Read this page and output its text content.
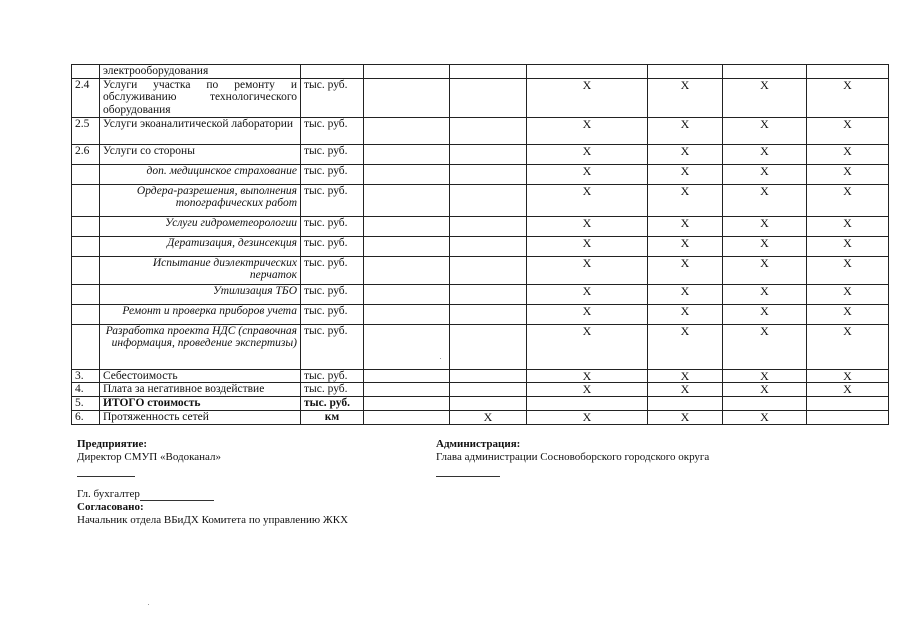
	электрооборудования							
2.4	Услуги участка по ремонту и обслуживанию технологического оборудования	тыс. руб.			X	X	X	X
2.5	Услуги экоаналитической лаборатории	тыс. руб.			X	X	X	X
2.6	Услуги со стороны	тыс. руб.			X	X	X	X
	доп. медицинское страхование	тыс. руб.			X	X	X	X
	Ордера-разрешения, выполнения топографических работ	тыс. руб.			X	X	X	X
	Услуги гидрометеорологии	тыс. руб.			X	X	X	X
	Дератизация, дезинсекция	тыс. руб.			X	X	X	X
	Испытание диэлектрических перчаток	тыс. руб.			X	X	X	X
	Утилизация ТБО	тыс. руб.			X	X	X	X
	Ремонт и проверка приборов учета	тыс. руб.			X	X	X	X
	Разработка проекта НДС (справочная информация, проведение экспертизы)	тыс. руб.			X	X	X	X
3.	Себестоимость	тыс. руб.			X	X	X	X
4.	Плата за негативное воздействие	тыс. руб.			X	X	X	X
5.	ИТОГО стоимость	тыс. руб.						
6.	Протяженность сетей	км		X	X	X	X	
Предприятие:
Директор СМУП «Водоканал»
Администрация:
Глава администрации Сосновоборского городского округа
Гл. бухгалтер
Согласовано:
Начальник отдела ВБиДХ Комитета по управлению ЖКХ
